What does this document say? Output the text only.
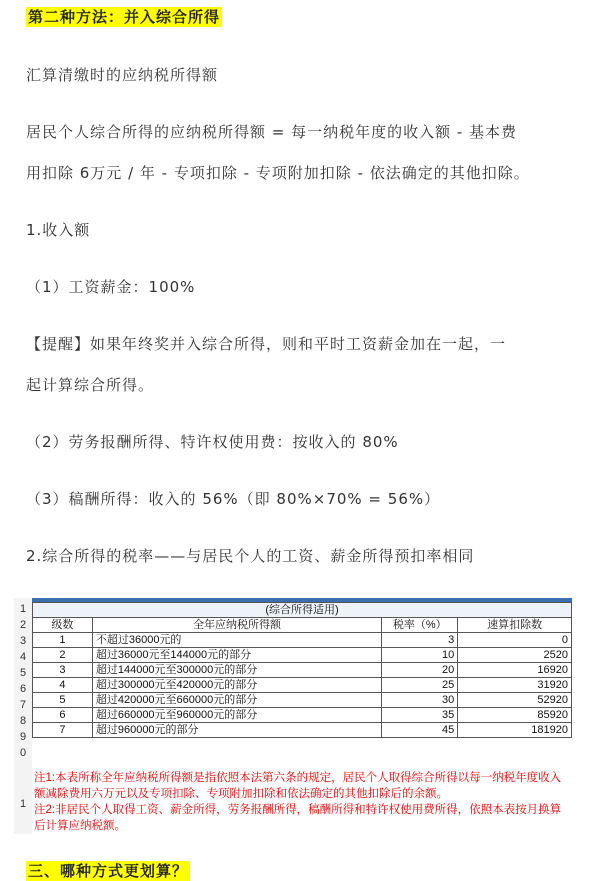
第二种方法：并入综合所得
汇算清缴时的应纳税所得额
居民个人综合所得的应纳税所得额 = 每一纳税年度的收入额 - 基本费
用扣除 6万元 / 年 - 专项扣除 - 专项附加扣除 - 依法确定的其他扣除。
1.收入额
（1）工资薪金：100%
【提醒】如果年终奖并入综合所得，则和平时工资薪金加在一起，一
起计算综合所得。
（2）劳务报酬所得、特许权使用费：按收入的 80%
（3）稿酬所得：收入的 56%（即 80%×70% = 56%）
2.综合所得的税率——与居民个人的工资、薪金所得预扣率相同
1
2
3
4
5
6
7
8
9
0
1
(综合所得适用)			
级数	全年应纳税所得额	税率（%）	速算扣除数
1	不超过36000元的	3	0
2	超过36000元至144000元的部分	10	2520
3	超过144000元至300000元的部分	20	16920
4	超过300000元至420000元的部分	25	31920
5	超过420000元至660000元的部分	30	52920
6	超过660000元至960000元的部分	35	85920
7	超过960000元的部分	45	181920
注1:本表所称全年应纳税所得额是指依照本法第六条的规定，居民个人取得综合所得以每一纳税年度收入额减除费用六万元以及专项扣除、专项附加扣除和依法确定的其他扣除后的余额。
注2:非居民个人取得工资、薪金所得，劳务报酬所得，稿酬所得和特许权使用费所得，依照本表按月换算后计算应纳税额。
三、哪种方式更划算？
